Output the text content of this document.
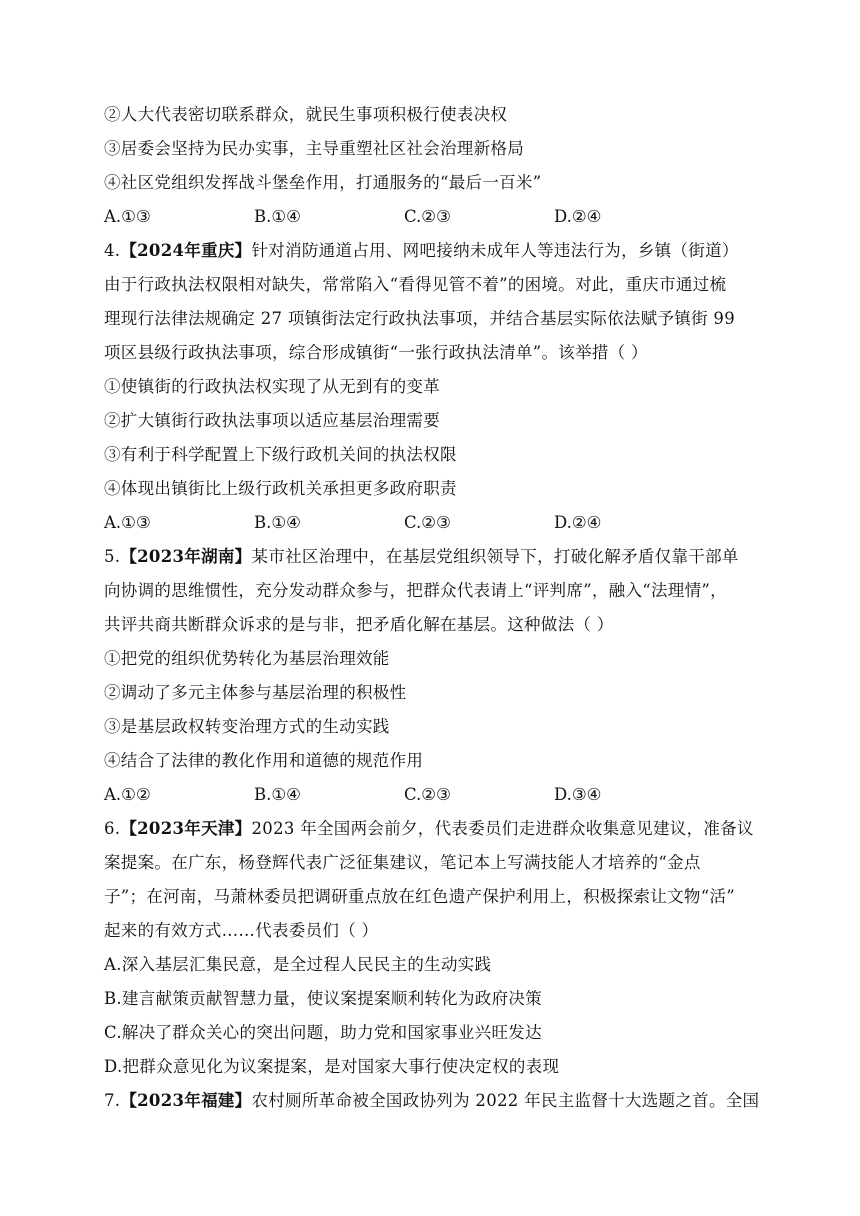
②人大代表密切联系群众，就民生事项积极行使表决权
③居委会坚持为民办实事，主导重塑社区社会治理新格局
④社区党组织发挥战斗堡垒作用，打通服务的“最后一百米”
A.①③	B.①④	C.②③	D.②④
4.【2024年重庆】针对消防通道占用、网吧接纳未成年人等违法行为，乡镇（街道）
由于行政执法权限相对缺失，常常陷入“看得见管不着”的困境。对此，重庆市通过梳
理现行法律法规确定 27 项镇街法定行政执法事项，并结合基层实际依法赋予镇街 99
项区县级行政执法事项，综合形成镇街“一张行政执法清单”。该举措（ ）
①使镇街的行政执法权实现了从无到有的变革
②扩大镇街行政执法事项以适应基层治理需要
③有利于科学配置上下级行政机关间的执法权限
④体现出镇街比上级行政机关承担更多政府职责
A.①③	B.①④	C.②③	D.②④
5.【2023年湖南】某市社区治理中，在基层党组织领导下，打破化解矛盾仅靠干部单
向协调的思维惯性，充分发动群众参与，把群众代表请上“评判席”，融入“法理情”，
共评共商共断群众诉求的是与非，把矛盾化解在基层。这种做法（ ）
①把党的组织优势转化为基层治理效能
②调动了多元主体参与基层治理的积极性
③是基层政权转变治理方式的生动实践
④结合了法律的教化作用和道德的规范作用
A.①②	B.①④	C.②③	D.③④
6.【2023年天津】2023 年全国两会前夕，代表委员们走进群众收集意见建议，准备议
案提案。在广东，杨登辉代表广泛征集建议，笔记本上写满技能人才培养的“金点
子”；在河南，马萧林委员把调研重点放在红色遗产保护利用上，积极探索让文物“活”
起来的有效方式……代表委员们（ ）
A.深入基层汇集民意，是全过程人民民主的生动实践
B.建言献策贡献智慧力量，使议案提案顺利转化为政府决策
C.解决了群众关心的突出问题，助力党和国家事业兴旺发达
D.把群众意见化为议案提案，是对国家大事行使决定权的表现
7.【2023年福建】农村厕所革命被全国政协列为 2022 年民主监督十大选题之首。全国
